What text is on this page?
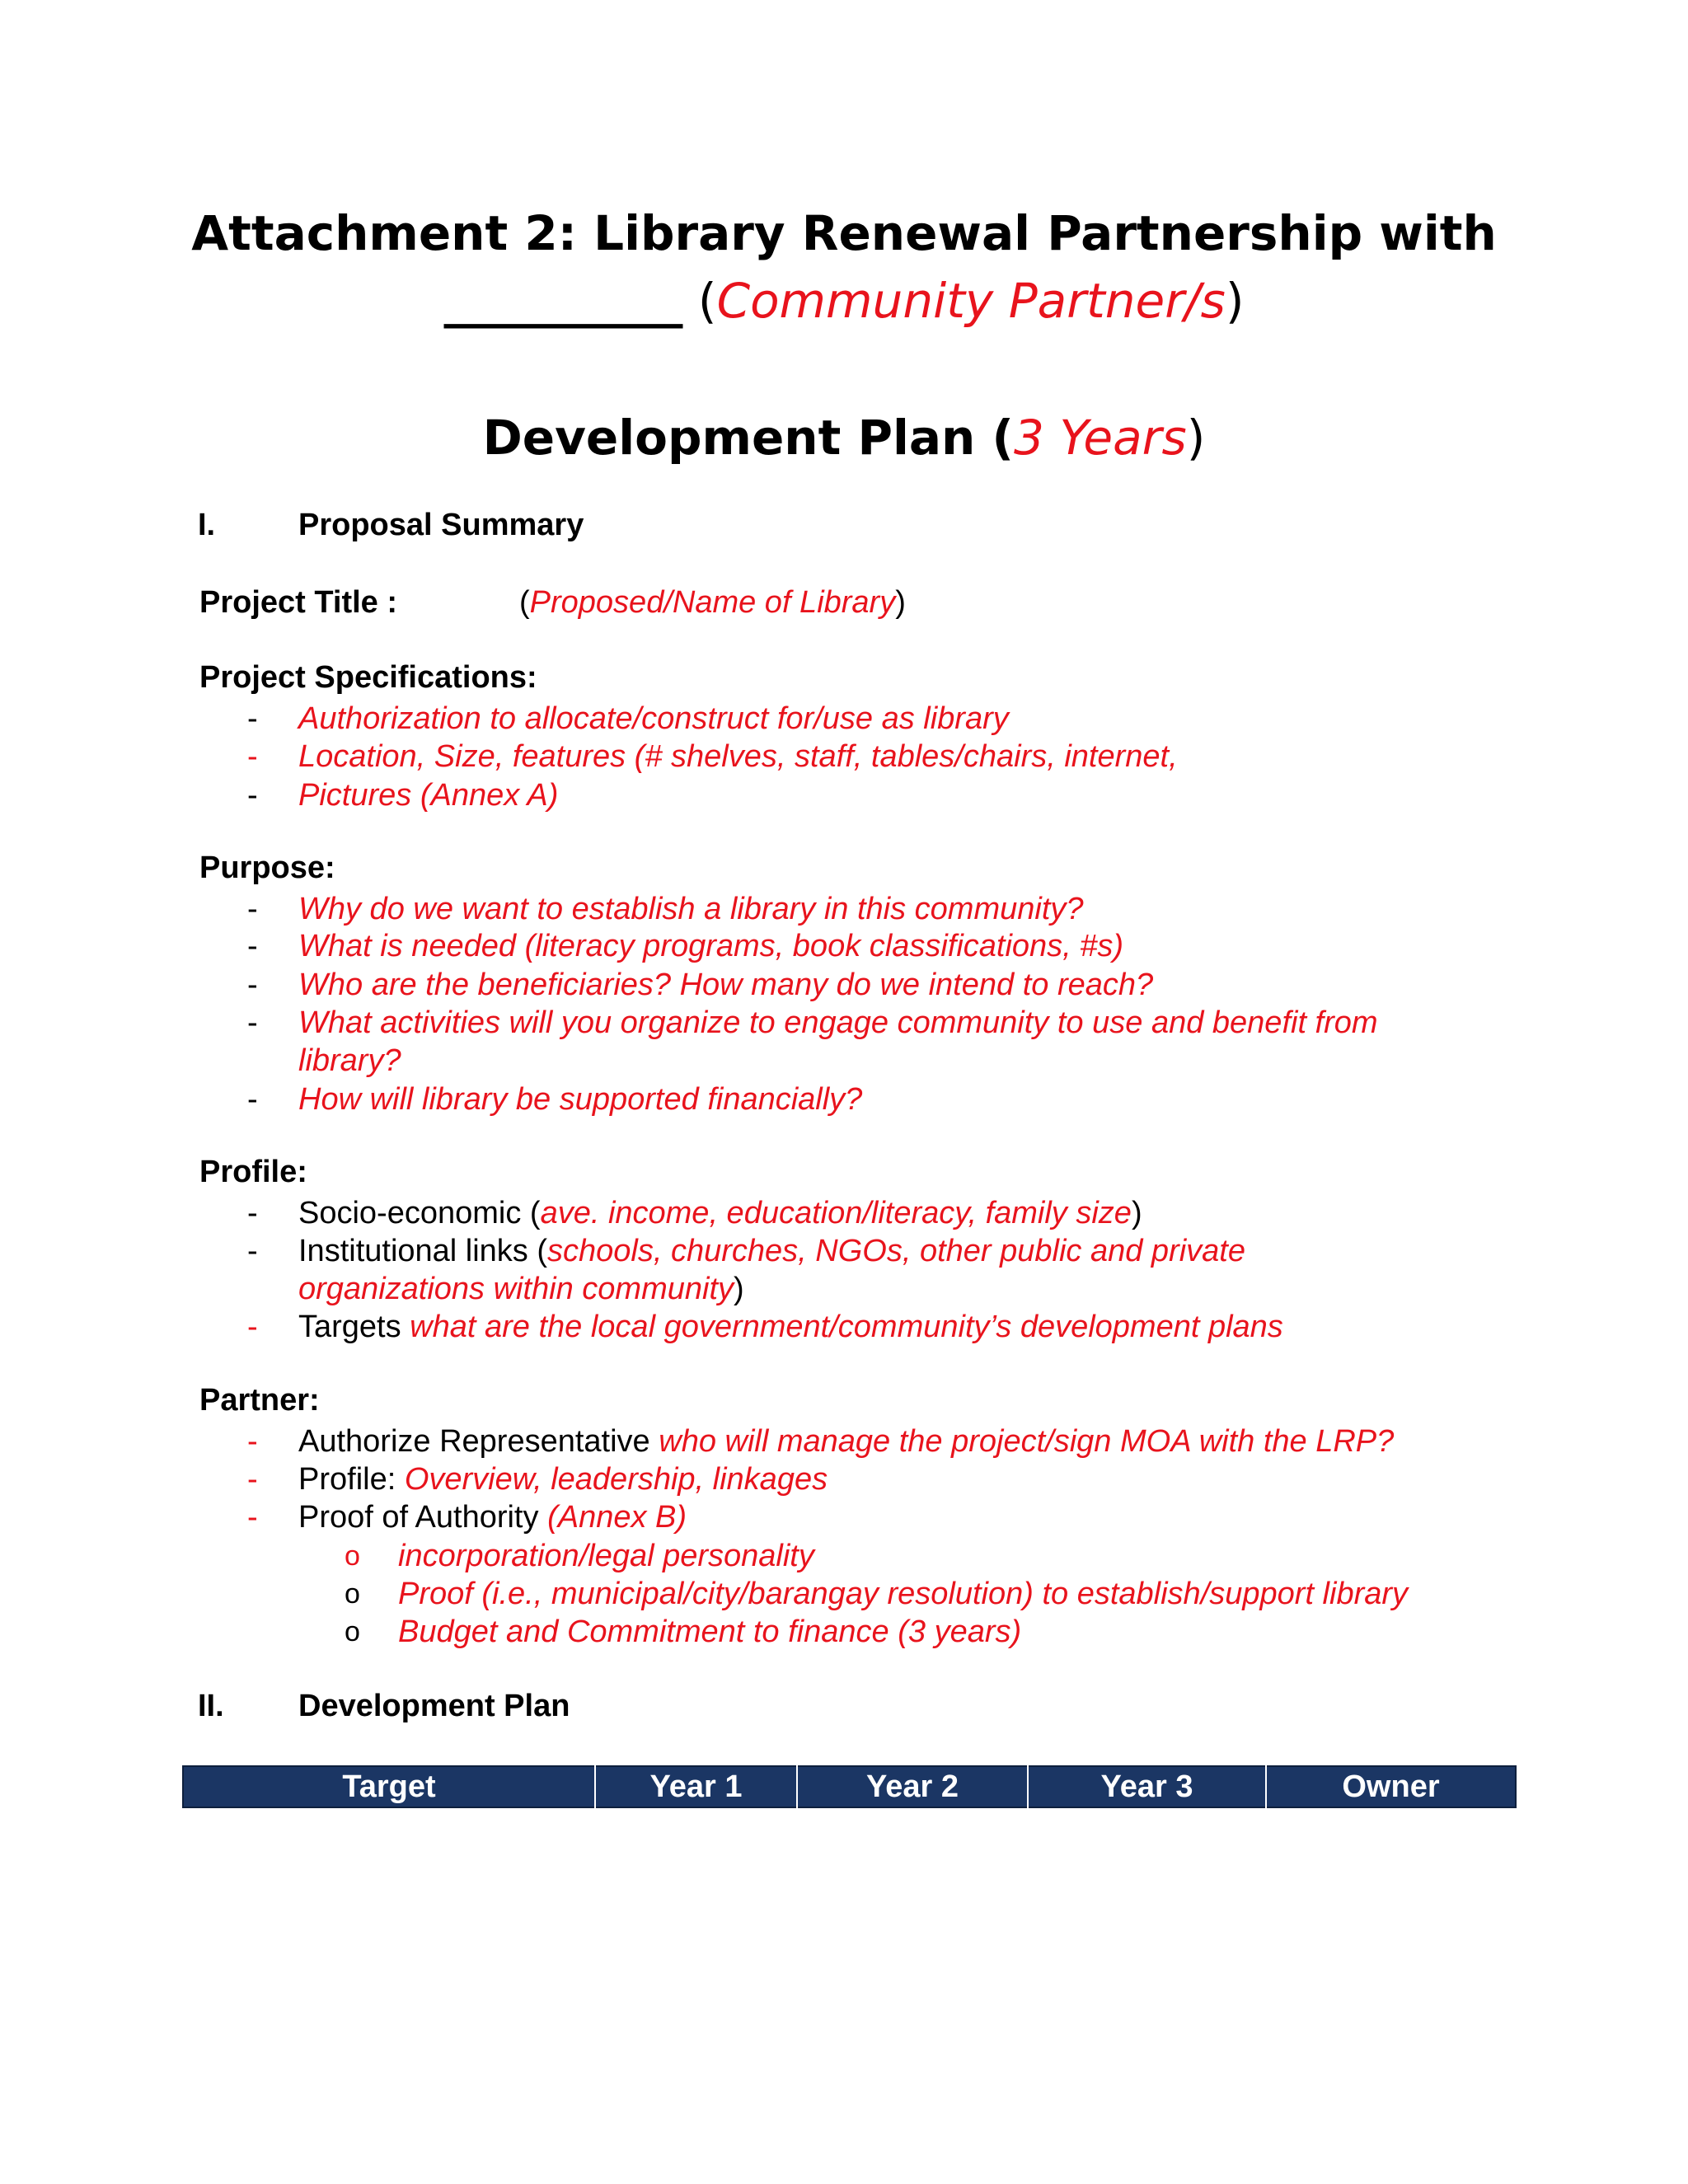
Attachment 2: Library Renewal Partnership with
__________ (Community Partner/s)
Development Plan (3 Years)
I.	Proposal Summary
Project Title :	(Proposed/Name of Library)
Project Specifications:
- Authorization to allocate/construct for/use as library
- Location, Size, features (# shelves, staff, tables/chairs, internet,
- Pictures (Annex A)
Purpose:
- Why do we want to establish a library in this community?
- What is needed (literacy programs, book classifications, #s)
- Who are the beneficiaries? How many do we intend to reach?
- What activities will you organize to engage community to use and benefit from
library?
- How will library be supported financially?
Profile:
- Socio-economic (ave. income, education/literacy, family size)
- Institutional links (schools, churches, NGOs, other public and private
organizations within community)
- Targets what are the local government/community’s development plans
Partner:
- Authorize Representative who will manage the project/sign MOA with the LRP?
- Profile: Overview, leadership, linkages
- Proof of Authority (Annex B)
o incorporation/legal personality
o Proof (i.e., municipal/city/barangay resolution) to establish/support library
o Budget and Commitment to finance (3 years)
II. Development Plan
Target	Year 1	Year 2	Year 3	Owner
